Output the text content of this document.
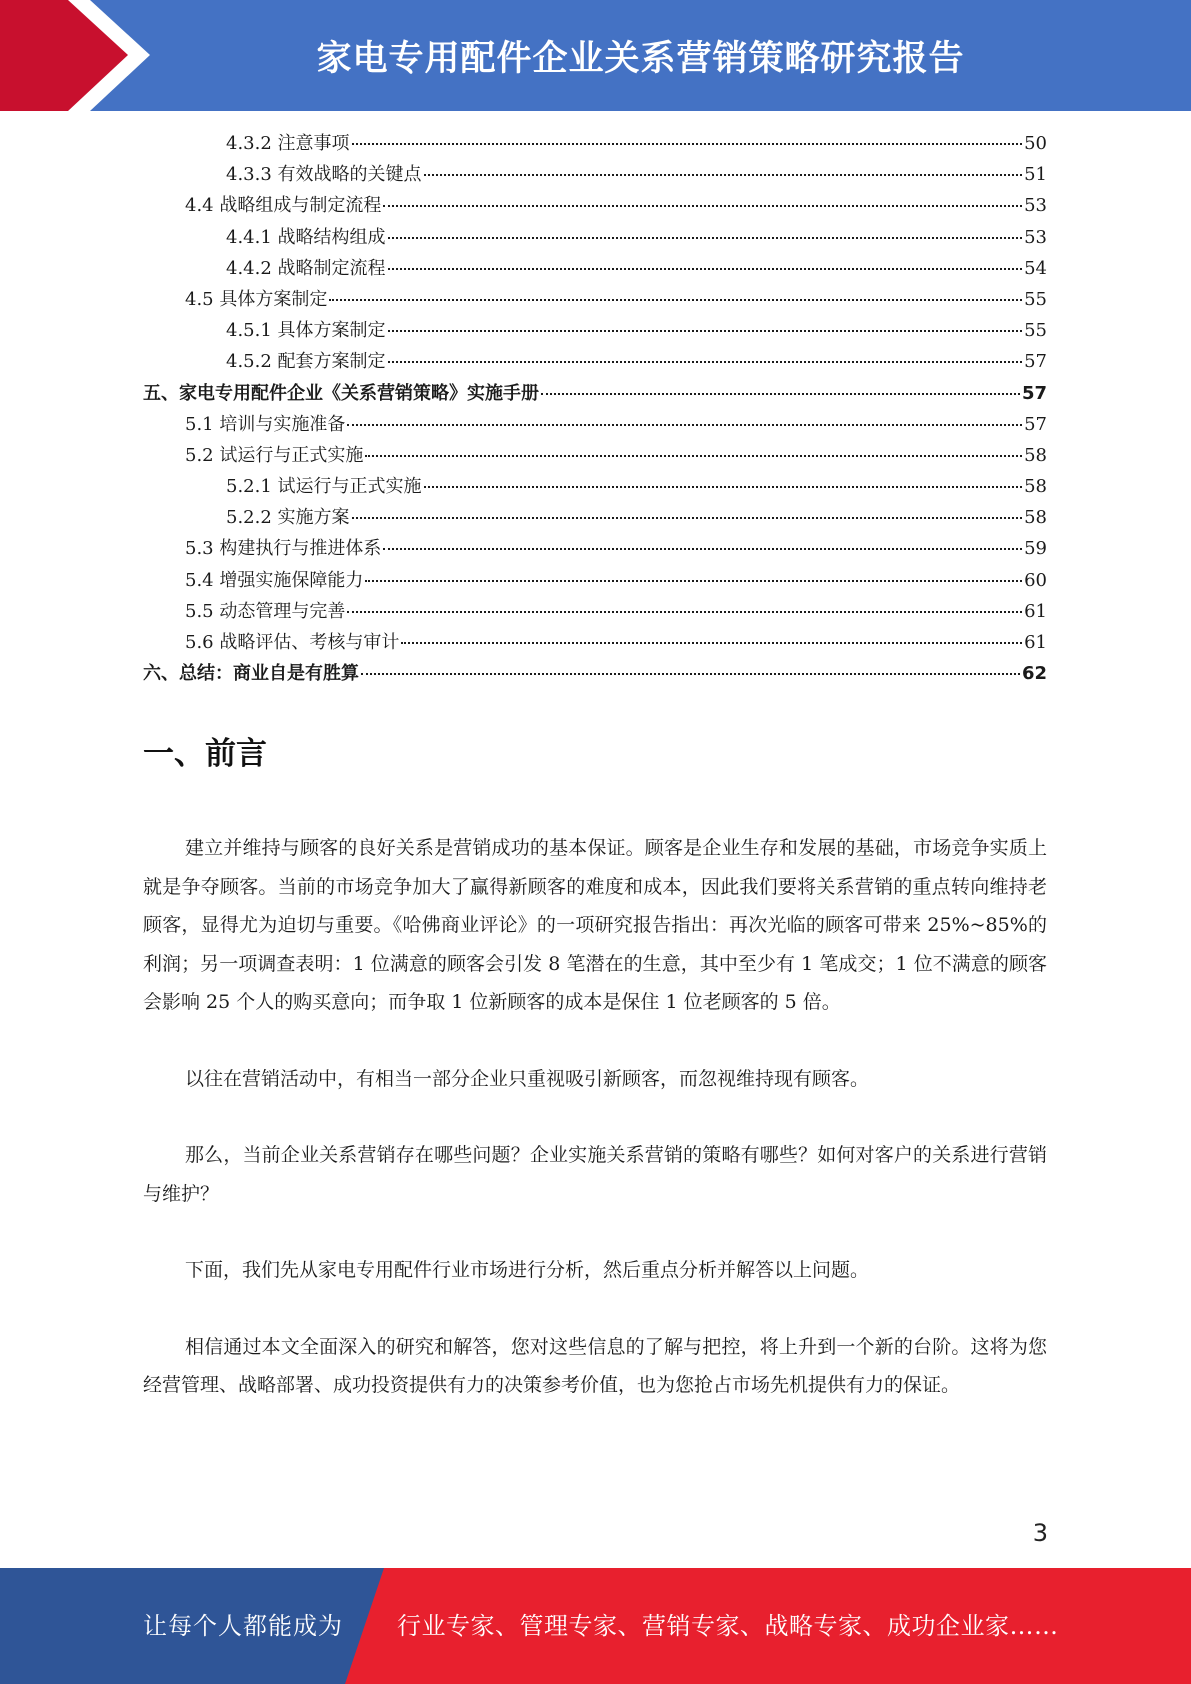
家电专用配件企业关系营销策略研究报告
4.3.2 注意事项	50
4.3.3 有效战略的关键点	51
4.4 战略组成与制定流程	53
4.4.1 战略结构组成	53
4.4.2 战略制定流程	54
4.5 具体方案制定	55
4.5.1 具体方案制定	55
4.5.2 配套方案制定	57
五、家电专用配件企业《关系营销策略》实施手册	57
5.1 培训与实施准备	57
5.2 试运行与正式实施	58
5.2.1 试运行与正式实施	58
5.2.2 实施方案	58
5.3 构建执行与推进体系	59
5.4 增强实施保障能力	60
5.5 动态管理与完善	61
5.6 战略评估、考核与审计	61
六、总结：商业自是有胜算	62
一、前言

建立并维持与顾客的良好关系是营销成功的基本保证。顾客是企业生存和发展的基础，市场竞争实质上就是争夺顾客。当前的市场竞争加大了赢得新顾客的难度和成本，因此我们要将关系营销的重点转向维持老顾客，显得尤为迫切与重要。《哈佛商业评论》的一项研究报告指出：再次光临的顾客可带来 25%~85%的利润；另一项调查表明：1 位满意的顾客会引发 8 笔潜在的生意，其中至少有 1 笔成交；1 位不满意的顾客会影响 25 个人的购买意向；而争取 1 位新顾客的成本是保住 1 位老顾客的 5 倍。

以往在营销活动中，有相当一部分企业只重视吸引新顾客，而忽视维持现有顾客。

那么，当前企业关系营销存在哪些问题？企业实施关系营销的策略有哪些？如何对客户的关系进行营销与维护？

下面，我们先从家电专用配件行业市场进行分析，然后重点分析并解答以上问题。

相信通过本文全面深入的研究和解答，您对这些信息的了解与把控，将上升到一个新的台阶。这将为您经营管理、战略部署、成功投资提供有力的决策参考价值，也为您抢占市场先机提供有力的保证。

3
让每个人都能成为 行业专家、管理专家、营销专家、战略专家、成功企业家……
